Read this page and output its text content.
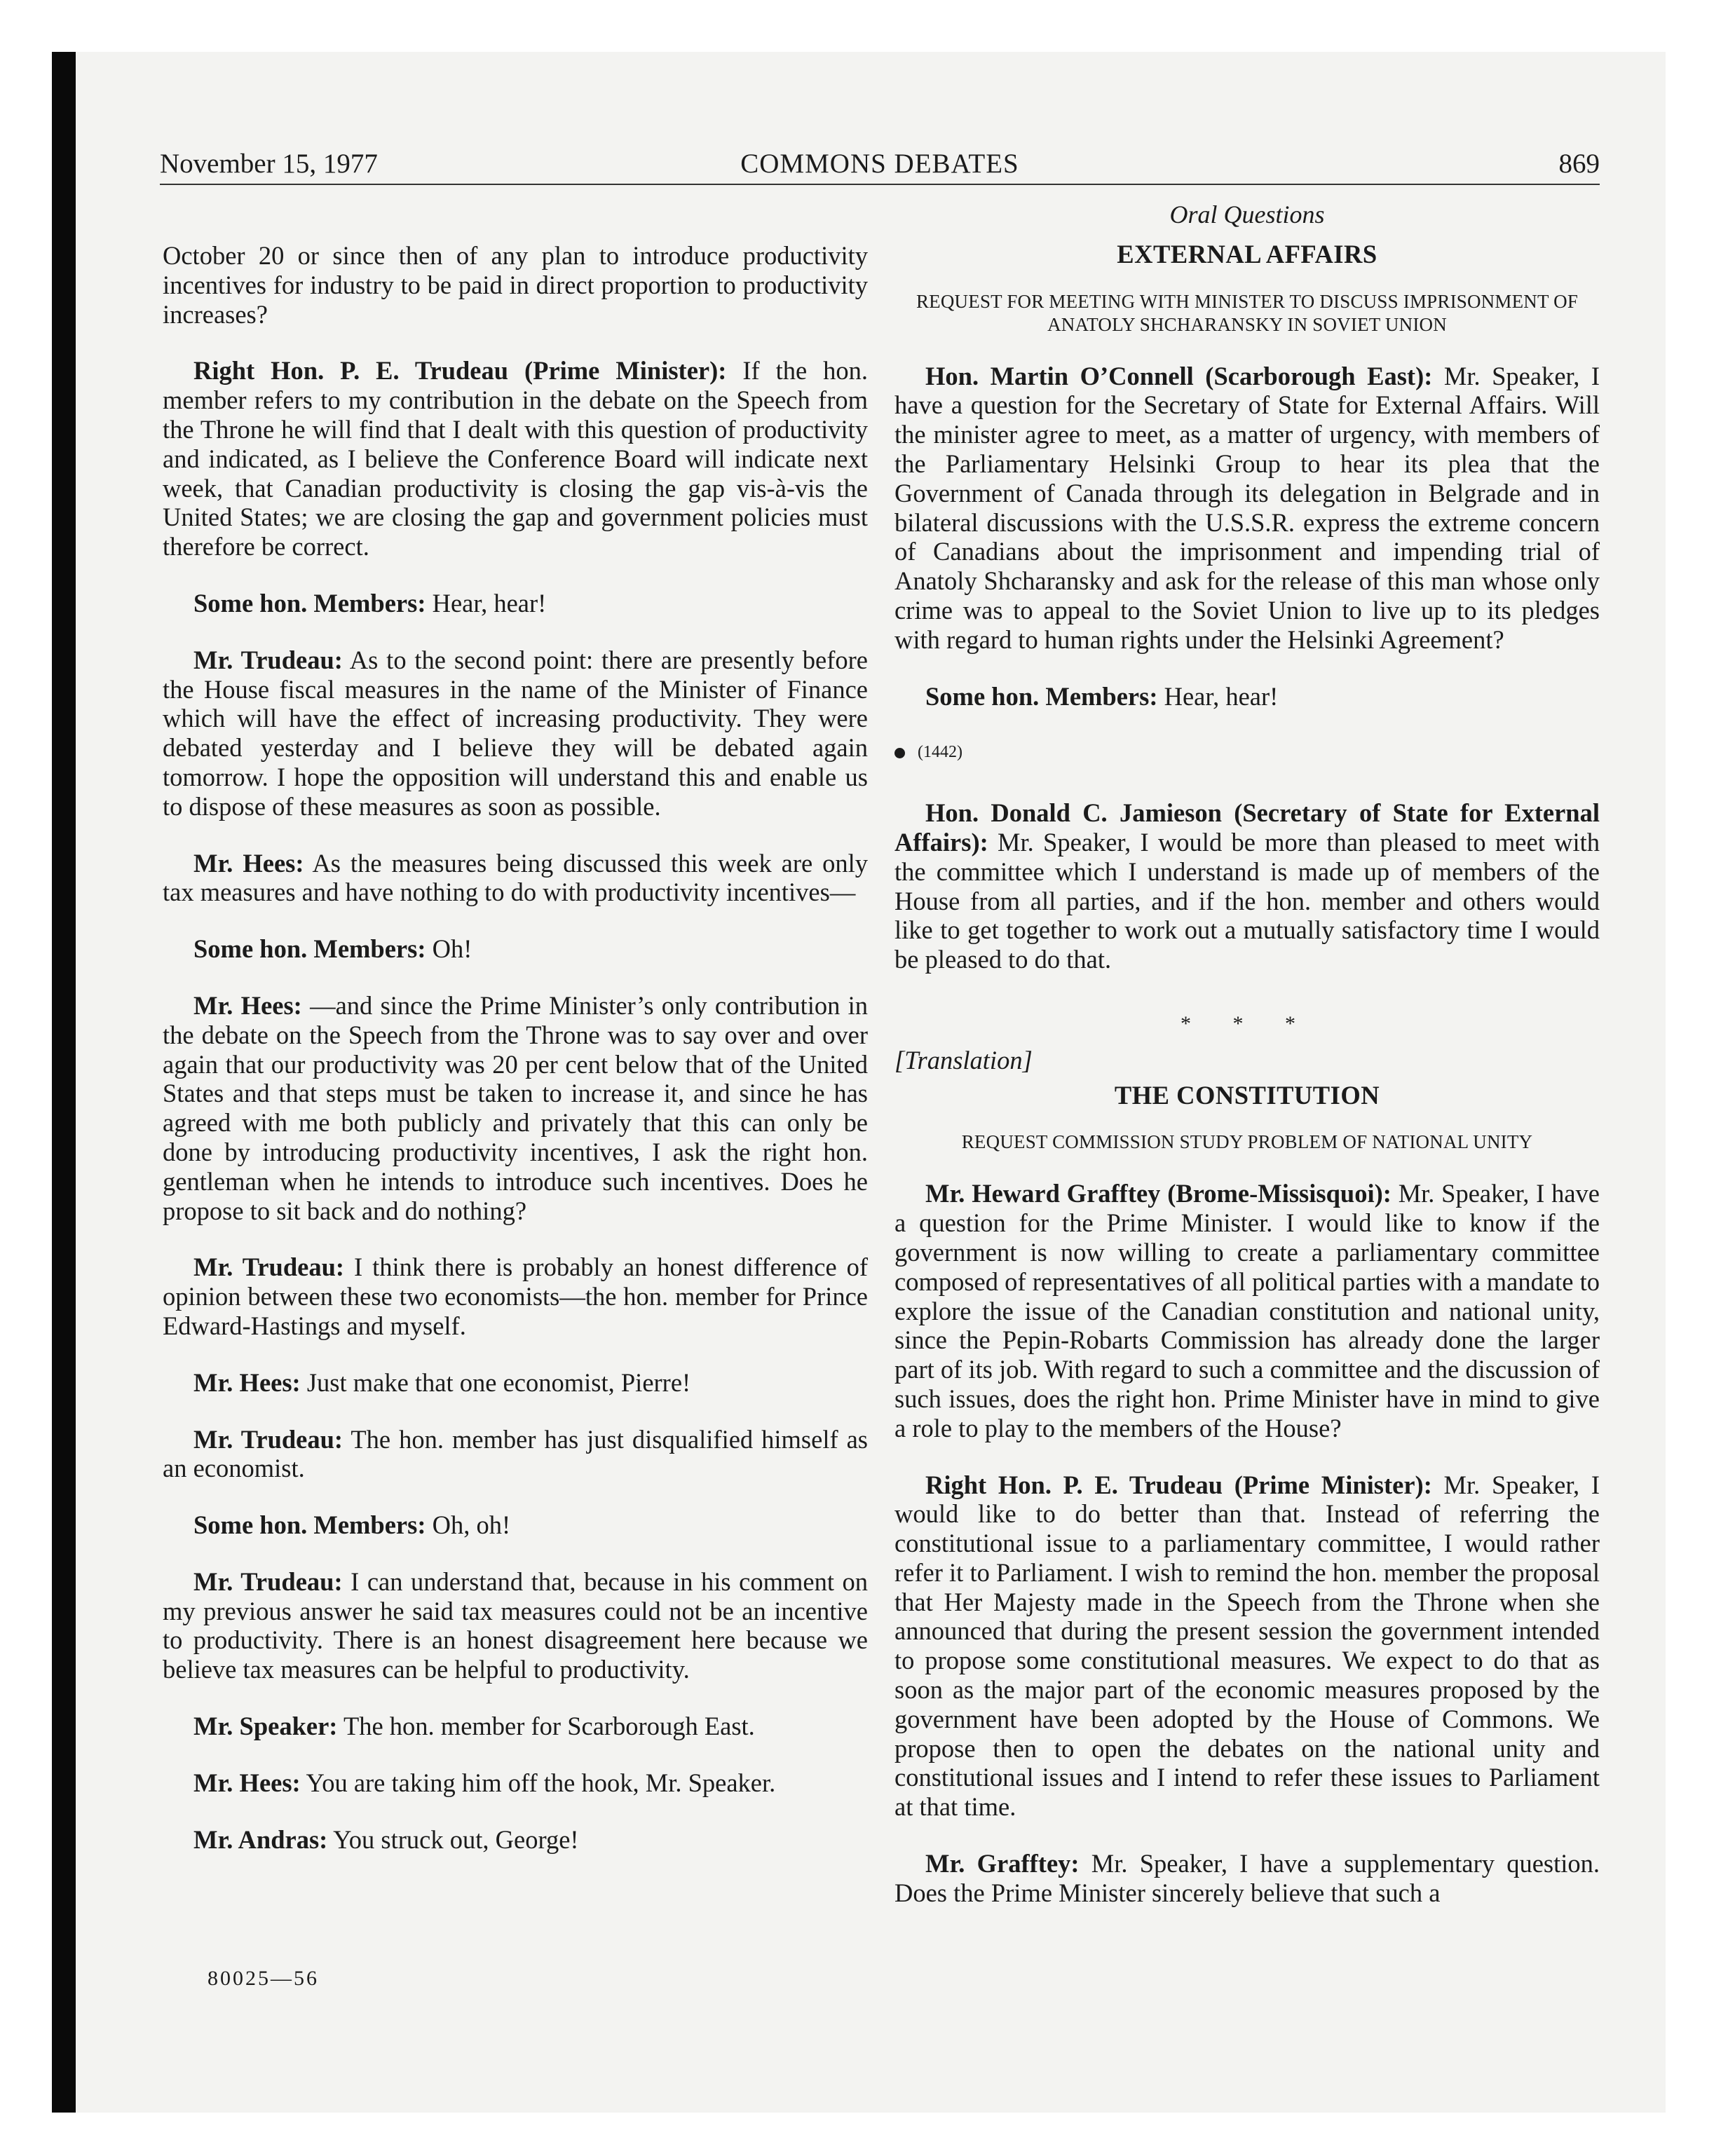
November 15, 1977	COMMONS DEBATES	869

October 20 or since then of any plan to introduce productivity incentives for industry to be paid in direct proportion to productivity increases?

Right Hon. P. E. Trudeau (Prime Minister): If the hon. member refers to my contribution in the debate on the Speech from the Throne he will find that I dealt with this question of productivity and indicated, as I believe the Conference Board will indicate next week, that Canadian productivity is closing the gap vis-à-vis the United States; we are closing the gap and government policies must therefore be correct.

Some hon. Members: Hear, hear!

Mr. Trudeau: As to the second point: there are presently before the House fiscal measures in the name of the Minister of Finance which will have the effect of increasing productivity. They were debated yesterday and I believe they will be debated again tomorrow. I hope the opposition will understand this and enable us to dispose of these measures as soon as possible.

Mr. Hees: As the measures being discussed this week are only tax measures and have nothing to do with productivity incentives—

Some hon. Members: Oh!

Mr. Hees: —and since the Prime Minister’s only contribution in the debate on the Speech from the Throne was to say over and over again that our productivity was 20 per cent below that of the United States and that steps must be taken to increase it, and since he has agreed with me both publicly and privately that this can only be done by introducing productivity incentives, I ask the right hon. gentleman when he intends to introduce such incentives. Does he propose to sit back and do nothing?

Mr. Trudeau: I think there is probably an honest difference of opinion between these two economists—the hon. member for Prince Edward-Hastings and myself.

Mr. Hees: Just make that one economist, Pierre!

Mr. Trudeau: The hon. member has just disqualified himself as an economist.

Some hon. Members: Oh, oh!

Mr. Trudeau: I can understand that, because in his comment on my previous answer he said tax measures could not be an incentive to productivity. There is an honest disagreement here because we believe tax measures can be helpful to productivity.

Mr. Speaker: The hon. member for Scarborough East.

Mr. Hees: You are taking him off the hook, Mr. Speaker.

Mr. Andras: You struck out, George!

Oral Questions
EXTERNAL AFFAIRS
REQUEST FOR MEETING WITH MINISTER TO DISCUSS IMPRISONMENT OF ANATOLY SHCHARANSKY IN SOVIET UNION

Hon. Martin O’Connell (Scarborough East): Mr. Speaker, I have a question for the Secretary of State for External Affairs. Will the minister agree to meet, as a matter of urgency, with members of the Parliamentary Helsinki Group to hear its plea that the Government of Canada through its delegation in Belgrade and in bilateral discussions with the U.S.S.R. express the extreme concern of Canadians about the imprisonment and impending trial of Anatoly Shcharansky and ask for the release of this man whose only crime was to appeal to the Soviet Union to live up to its pledges with regard to human rights under the Helsinki Agreement?

Some hon. Members: Hear, hear!

(1442)

Hon. Donald C. Jamieson (Secretary of State for External Affairs): Mr. Speaker, I would be more than pleased to meet with the committee which I understand is made up of members of the House from all parties, and if the hon. member and others would like to get together to work out a mutually satisfactory time I would be pleased to do that.

* * *
[Translation]
THE CONSTITUTION
REQUEST COMMISSION STUDY PROBLEM OF NATIONAL UNITY

Mr. Heward Grafftey (Brome-Missisquoi): Mr. Speaker, I have a question for the Prime Minister. I would like to know if the government is now willing to create a parliamentary committee composed of representatives of all political parties with a mandate to explore the issue of the Canadian constitution and national unity, since the Pepin-Robarts Commission has already done the larger part of its job. With regard to such a committee and the discussion of such issues, does the right hon. Prime Minister have in mind to give a role to play to the members of the House?

Right Hon. P. E. Trudeau (Prime Minister): Mr. Speaker, I would like to do better than that. Instead of referring the constitutional issue to a parliamentary committee, I would rather refer it to Parliament. I wish to remind the hon. member the proposal that Her Majesty made in the Speech from the Throne when she announced that during the present session the government intended to propose some constitutional measures. We expect to do that as soon as the major part of the economic measures proposed by the government have been adopted by the House of Commons. We propose then to open the debates on the national unity and constitutional issues and I intend to refer these issues to Parliament at that time.

Mr. Grafftey: Mr. Speaker, I have a supplementary question. Does the Prime Minister sincerely believe that such a

80025—56
